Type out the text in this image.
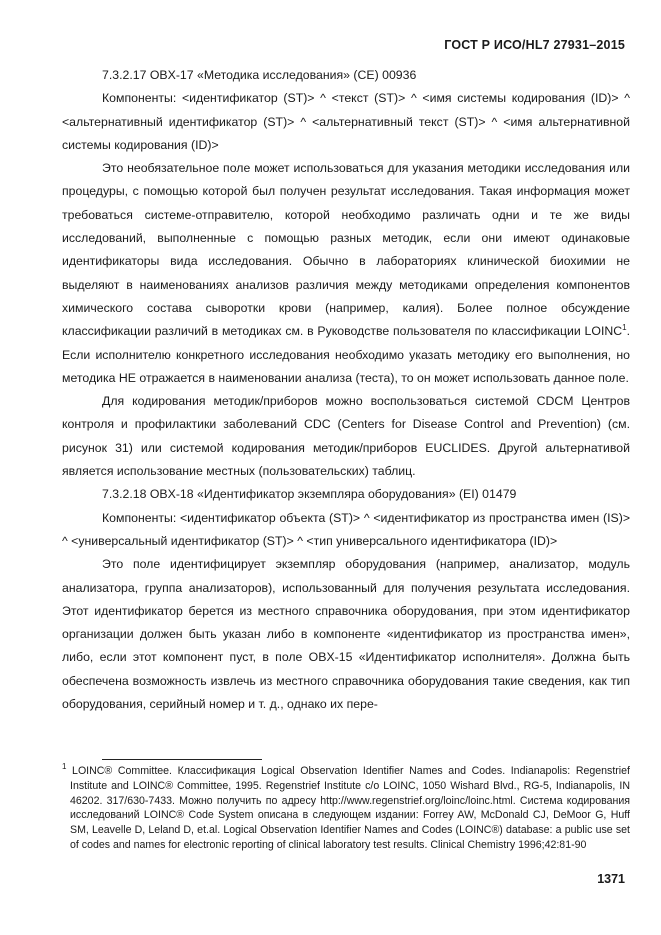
ГОСТ Р ИСО/HL7 27931–2015

7.3.2.17 OBX-17 «Методика исследования» (CE) 00936

Компоненты: <идентификатор (ST)> ^ <текст (ST)> ^ <имя системы кодирования (ID)> ^ <альтернативный идентификатор (ST)> ^ <альтернативный текст (ST)> ^ <имя альтернативной системы кодирования (ID)>

Это необязательное поле может использоваться для указания методики исследования или процедуры, с помощью которой был получен результат исследования. Такая информация может требоваться системе-отправителю, которой необходимо различать одни и те же виды исследований, выполненные с помощью разных методик, если они имеют одинаковые идентификаторы вида исследования. Обычно в лабораториях клинической биохимии не выделяют в наименованиях анализов различия между методиками определения компонентов химического состава сыворотки крови (например, калия). Более полное обсуждение классификации различий в методиках см. в Руководстве пользователя по классификации LOINC$^1$. Если исполнителю конкретного исследования необходимо указать методику его выполнения, но методика НЕ отражается в наименовании анализа (теста), то он может использовать данное поле.

Для кодирования методик/приборов можно воспользоваться системой CDCM Центров контроля и профилактики заболеваний CDC (Centers for Disease Control and Prevention) (см. рисунок 31) или системой кодирования методик/приборов EUCLIDES. Другой альтернативой является использование местных (пользовательских) таблиц.

7.3.2.18 OBX-18 «Идентификатор экземпляра оборудования» (EI) 01479

Компоненты: <идентификатор объекта (ST)> ^ <идентификатор из пространства имен (IS)> ^ <универсальный идентификатор (ST)> ^ <тип универсального идентификатора (ID)>

Это поле идентифицирует экземпляр оборудования (например, анализатор, модуль анализатора, группа анализаторов), использованный для получения результата исследования. Этот идентификатор берется из местного справочника оборудования, при этом идентификатор организации должен быть указан либо в компоненте «идентификатор из пространства имен», либо, если этот компонент пуст, в поле OBX-15 «Идентификатор исполнителя». Должна быть обеспечена возможность извлечь из местного справочника оборудования такие сведения, как тип оборудования, серийный номер и т. д., однако их пере-

$^1$ LOINC® Committee. Классификация Logical Observation Identifier Names and Codes. Indianapolis: Regenstrief Institute and LOINC® Committee, 1995. Regenstrief Institute c/o LOINC, 1050 Wishard Blvd., RG-5, Indianapolis, IN 46202. 317/630-7433. Можно получить по адресу http://www.regenstrief.org/loinc/loinc.html. Система кодирования исследований LOINC® Code System описана в следующем издании: Forrey AW, McDonald CJ, DeMoor G, Huff SM, Leavelle D, Leland D, et.al. Logical Observation Identifier Names and Codes (LOINC®) database: a public use set of codes and names for electronic reporting of clinical laboratory test results. Clinical Chemistry 1996;42:81-90
1371
